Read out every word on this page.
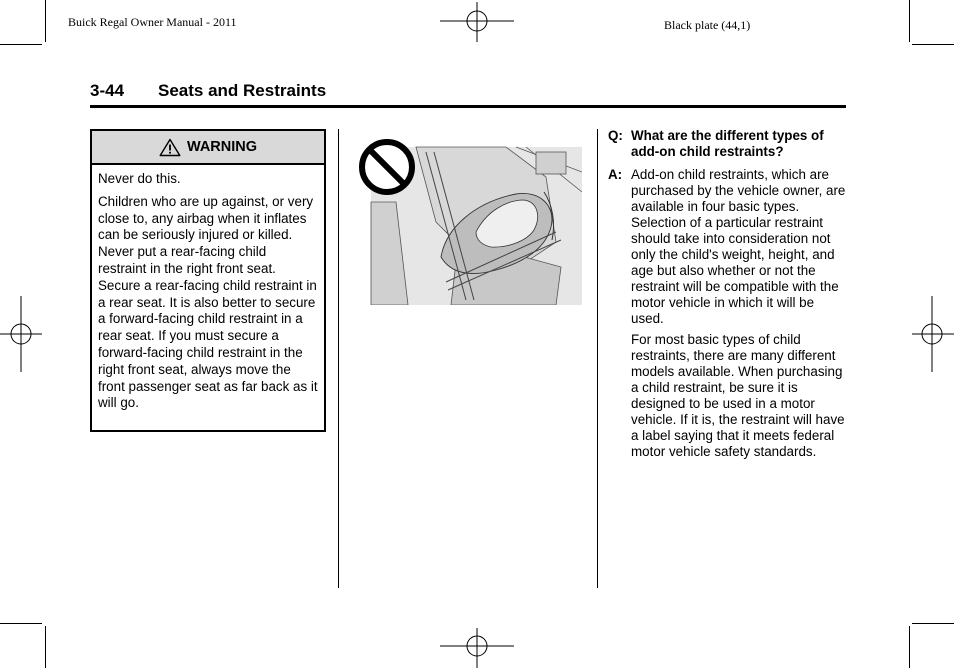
Buick Regal Owner Manual - 2011	Black plate (44,1)
3-44 Seats and Restraints
WARNING

Never do this.

Children who are up against, or very close to, any airbag when it inflates can be seriously injured or killed. Never put a rear-facing child restraint in the right front seat. Secure a rear-facing child restraint in a rear seat. It is also better to secure a forward-facing child restraint in a rear seat. If you must secure a forward-facing child restraint in the right front seat, always move the front passenger seat as far back as it will go.

Q: What are the different types of add-on child restraints?
A: Add-on child restraints, which are purchased by the vehicle owner, are available in four basic types. Selection of a particular restraint should take into consideration not only the child's weight, height, and age but also whether or not the restraint will be compatible with the motor vehicle in which it will be used.
For most basic types of child restraints, there are many different models available. When purchasing a child restraint, be sure it is designed to be used in a motor vehicle. If it is, the restraint will have a label saying that it meets federal motor vehicle safety standards.
